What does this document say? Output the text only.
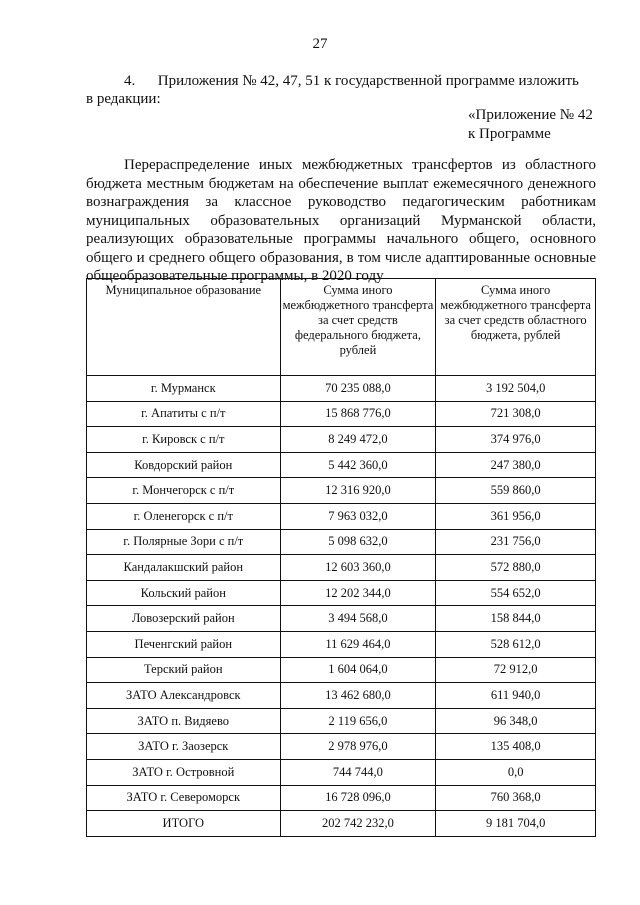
27
4.      Приложения № 42, 47, 51 к государственной программе изложить
в редакции:
«Приложение № 42
к Программе
Перераспределение иных межбюджетных трансфертов из областного бюджета местным бюджетам на обеспечение выплат ежемесячного денежного вознаграждения за классное руководство педагогическим работникам муниципальных образовательных организаций Мурманской области, реализующих образовательные программы начального общего, основного общего и среднего общего образования, в том числе адаптированные основные общеобразовательные программы, в 2020 году
Муниципальное образование	Сумма иного межбюджетного трансферта за счет средств федерального бюджета, рублей	Сумма иного межбюджетного трансферта за счет средств областного бюджета, рублей
г. Мурманск	70 235 088,0	3 192 504,0
г. Апатиты с п/т	15 868 776,0	721 308,0
г. Кировск с п/т	8 249 472,0	374 976,0
Ковдорский район	5 442 360,0	247 380,0
г. Мончегорск с п/т	12 316 920,0	559 860,0
г. Оленегорск с п/т	7 963 032,0	361 956,0
г. Полярные Зори с п/т	5 098 632,0	231 756,0
Кандалакшский район	12 603 360,0	572 880,0
Кольский район	12 202 344,0	554 652,0
Ловозерский район	3 494 568,0	158 844,0
Печенгский район	11 629 464,0	528 612,0
Терский район	1 604 064,0	72 912,0
ЗАТО Александровск	13 462 680,0	611 940,0
ЗАТО п. Видяево	2 119 656,0	96 348,0
ЗАТО г. Заозерск	2 978 976,0	135 408,0
ЗАТО г. Островной	744 744,0	0,0
ЗАТО г. Североморск	16 728 096,0	760 368,0
ИТОГО	202 742 232,0	9 181 704,0
